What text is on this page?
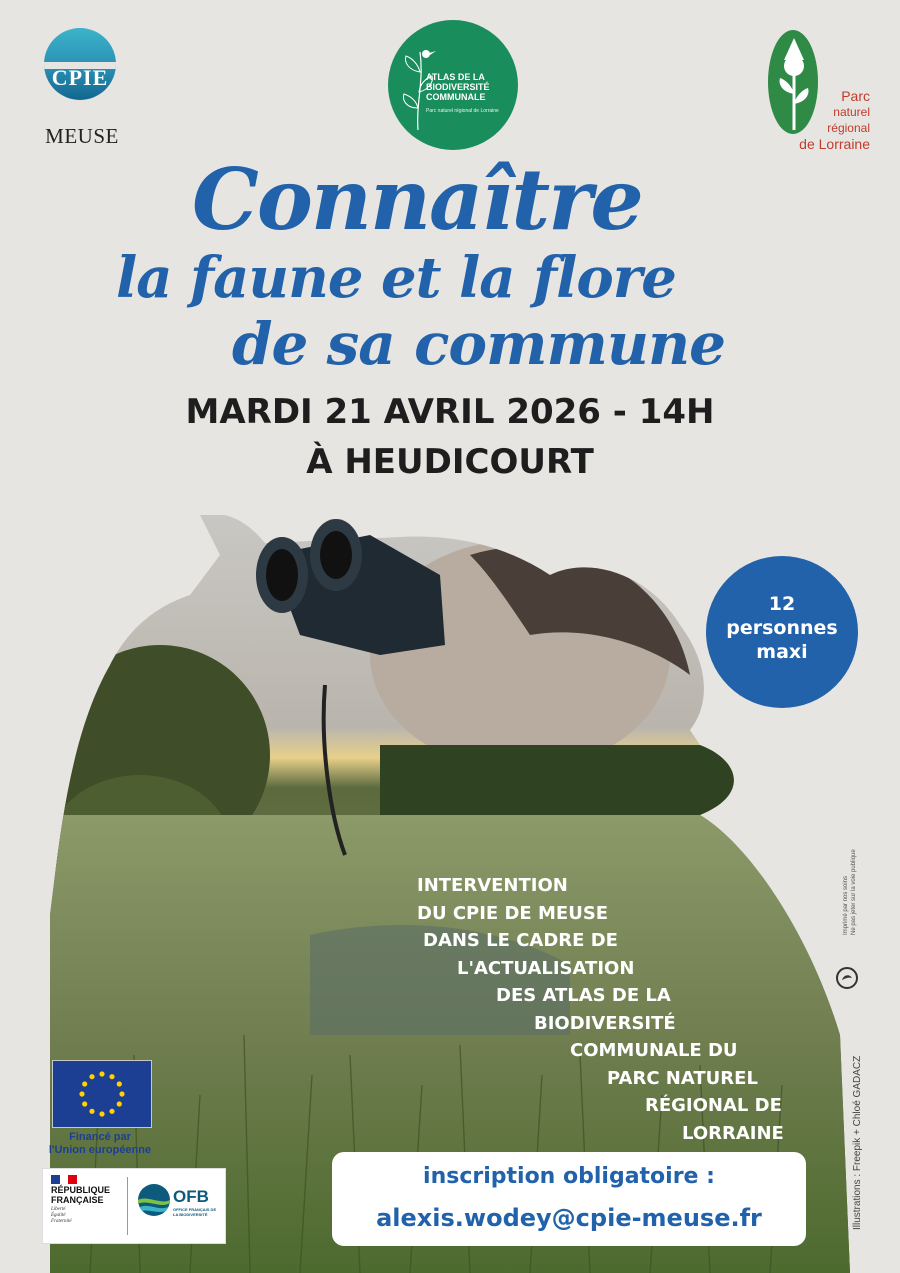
CPIE
MEUSE
ATLAS DE LA
BIODIVERSITÉ
COMMUNALE
Parc naturel régional de Lorraine
Parc
naturel
régional
de Lorraine
Connaître
la faune et la flore
de sa commune
MARDI 21 AVRIL 2026 - 14H
À HEUDICOURT
12
personnes
maxi
INTERVENTION
DU CPIE DE MEUSE
DANS LE CADRE DE
L'ACTUALISATION
DES ATLAS DE LA
BIODIVERSITÉ
COMMUNALE DU
PARC NATUREL
RÉGIONAL DE
LORRAINE
inscription obligatoire :
alexis.wodey@cpie-meuse.fr
Financé par
l'Union européenne
RÉPUBLIQUE
FRANÇAISE
Liberté
Égalité
Fraternité
OFB
OFFICE FRANÇAIS DE LA BIODIVERSITÉ
Imprimé par nos soins Ne pas jeter sur la voie publique
Illustrations : Freepik + Chloé GADACZ
